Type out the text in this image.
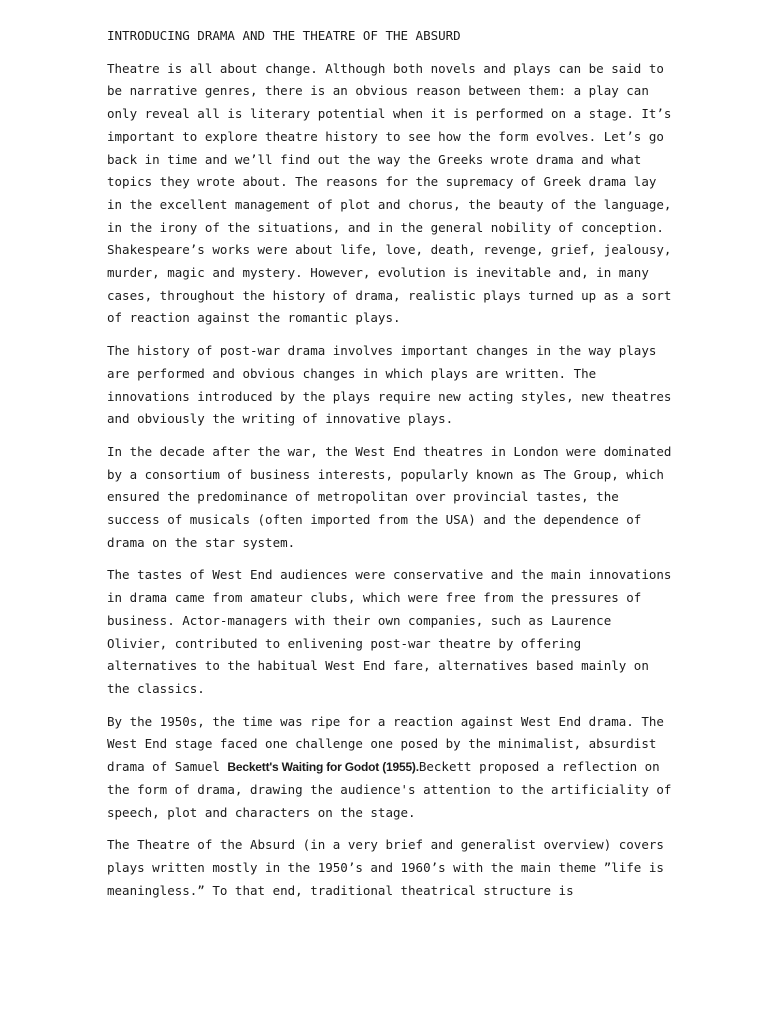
INTRODUCING DRAMA AND THE THEATRE OF THE ABSURD

Theatre is all about change. Although both novels and plays can be said to be narrative genres, there is an obvious reason between them: a play can only reveal all is literary potential when it is performed on a stage. It’s important to explore theatre history to see how the form evolves. Let’s go back in time and we’ll find out the way the Greeks wrote drama and what topics they wrote about. The reasons for the supremacy of Greek drama lay in the excellent management of plot and chorus, the beauty of the language, in the irony of the situations, and in the general nobility of conception. Shakespeare’s works were about life, love, death, revenge, grief, jealousy, murder, magic and mystery. However, evolution is inevitable and, in many cases, throughout the history of drama, realistic plays turned up as a sort of reaction against the romantic plays.

The history of post-war drama involves important changes in the way plays are performed and obvious changes in which plays are written. The innovations introduced by the plays require new acting styles, new theatres and obviously the writing of innovative plays.

In the decade after the war, the West End theatres in London were dominated by a consortium of business interests, popularly known as The Group, which ensured the predominance of metropolitan over provincial tastes, the success of musicals (often imported from the USA) and the dependence of drama on the star system.

The tastes of West End audiences were conservative and the main innovations in drama came from amateur clubs, which were free from the pressures of business. Actor-managers with their own companies, such as Laurence Olivier, contributed to enlivening post-war theatre by offering alternatives to the habitual West End fare, alternatives based mainly on the classics.

By the 1950s, the time was ripe for a reaction against West End drama. The West End stage faced one challenge one posed by the minimalist, absurdist drama of Samuel Beckett's Waiting for Godot (1955).Beckett proposed a reflection on the form of drama, drawing the audience's attention to the artificiality of speech, plot and characters on the stage.

The Theatre of the Absurd (in a very brief and generalist overview) covers plays written mostly in the 1950’s and 1960’s with the main theme ”life is meaningless.” To that end, traditional theatrical structure is
